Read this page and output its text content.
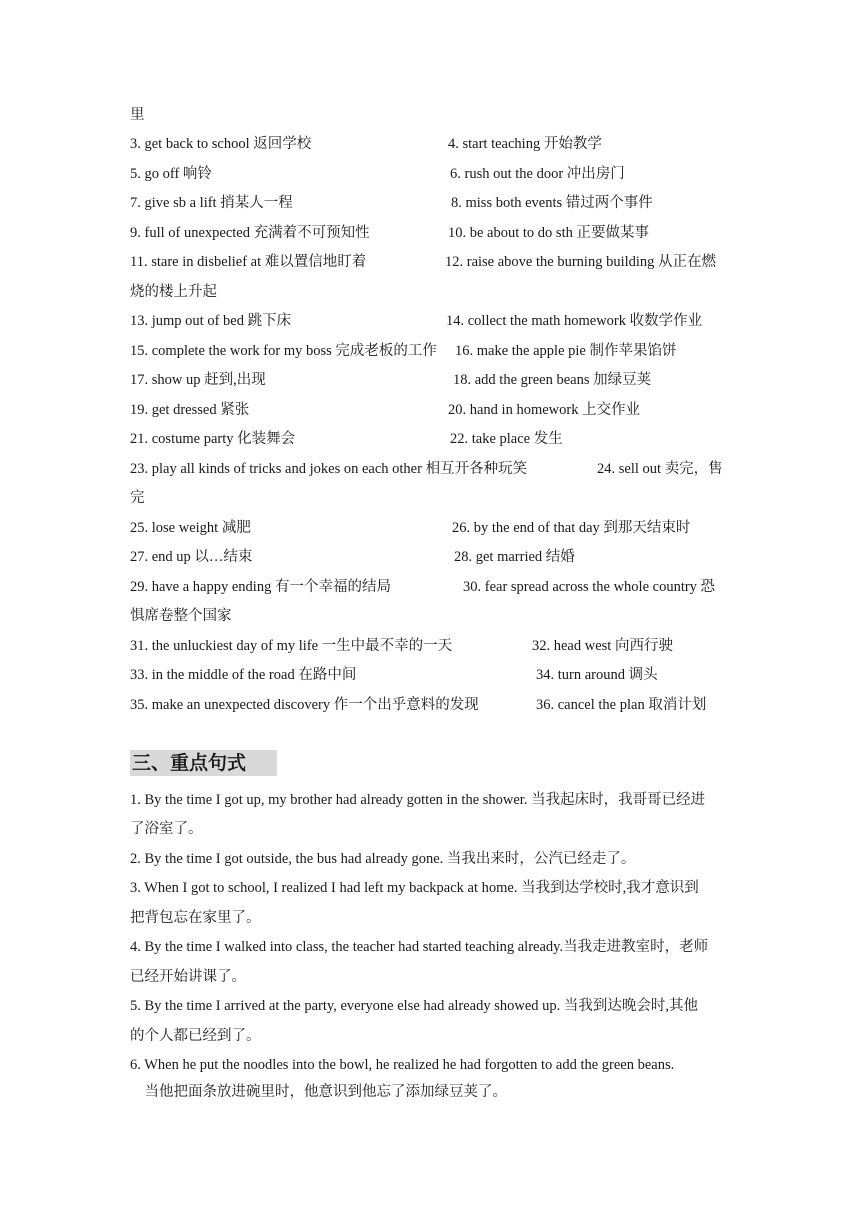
里
3. get back to school 返回学校	4. start teaching 开始教学
5. go off 响铃	6. rush out the door 冲出房门
7. give sb a lift 捎某人一程	8. miss both events 错过两个事件
9. full of unexpected 充满着不可预知性	10. be about to do sth 正要做某事
11. stare in disbelief at 难以置信地盯着	12. raise above the burning building 从正在燃
烧的楼上升起
13. jump out of bed 跳下床	14. collect the math homework 收数学作业
15. complete the work for my boss 完成老板的工作 16. make the apple pie 制作苹果馅饼
17. show up 赶到,出现	18. add the green beans 加绿豆荚
19. get dressed 紧张	20. hand in homework 上交作业
21. costume party 化装舞会	22. take place 发生
23. play all kinds of tricks and jokes on each other 相互开各种玩笑	24. sell out 卖完，售
完
25. lose weight 减肥	26. by the end of that day 到那天结束时
27. end up 以…结束	28. get married 结婚
29. have a happy ending 有一个幸福的结局	30. fear spread across the whole country 恐
惧席卷整个国家
31. the unluckiest day of my life 一生中最不幸的一天	32. head west 向西行驶
33. in the middle of the road 在路中间	34. turn around 调头
35. make an unexpected discovery 作一个出乎意料的发现	36. cancel the plan 取消计划
三、重点句式
1. By the time I got up, my brother had already gotten in the shower. 当我起床时，我哥哥已经进
了浴室了。
2. By the time I got outside, the bus had already gone. 当我出来时，公汽已经走了。
3. When I got to school, I realized I had left my backpack at home. 当我到达学校时,我才意识到
把背包忘在家里了。
4. By the time I walked into class, the teacher had started teaching already.当我走进教室时，老师
已经开始讲课了。
5. By the time I arrived at the party, everyone else had already showed up. 当我到达晚会时,其他
的个人都已经到了。
6. When he put the noodles into the bowl, he realized he had forgotten to add the green beans.
当他把面条放进碗里时，他意识到他忘了添加绿豆荚了。
